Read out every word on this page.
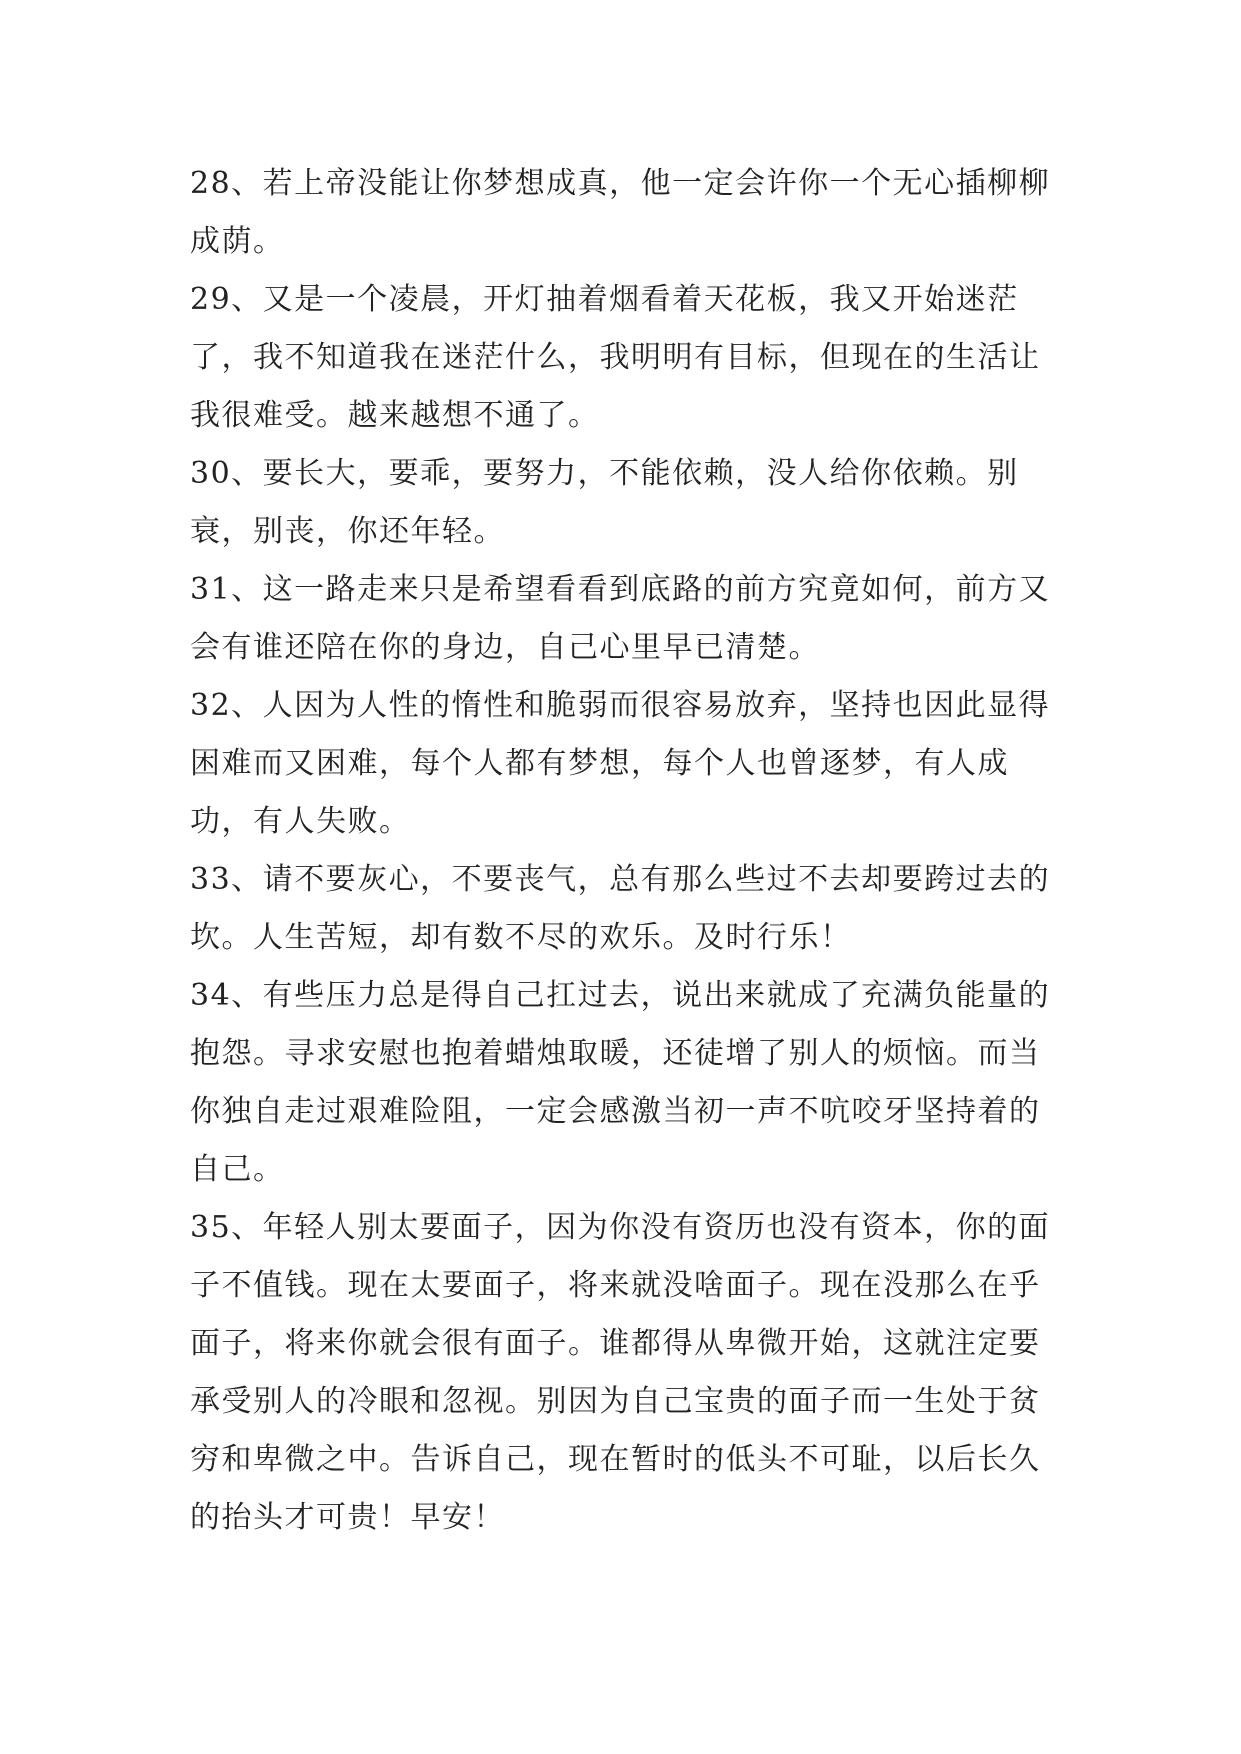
28、若上帝没能让你梦想成真，他一定会许你一个无心插柳柳成荫。

29、又是一个凌晨，开灯抽着烟看着天花板，我又开始迷茫了，我不知道我在迷茫什么，我明明有目标，但现在的生活让我很难受。越来越想不通了。

30、要长大，要乖，要努力，不能依赖，没人给你依赖。别衰，别丧，你还年轻。

31、这一路走来只是希望看看到底路的前方究竟如何，前方又会有谁还陪在你的身边，自己心里早已清楚。

32、人因为人性的惰性和脆弱而很容易放弃，坚持也因此显得困难而又困难，每个人都有梦想，每个人也曾逐梦，有人成功，有人失败。

33、请不要灰心，不要丧气，总有那么些过不去却要跨过去的坎。人生苦短，却有数不尽的欢乐。及时行乐！

34、有些压力总是得自己扛过去，说出来就成了充满负能量的抱怨。寻求安慰也抱着蜡烛取暖，还徒增了别人的烦恼。而当你独自走过艰难险阻，一定会感激当初一声不吭咬牙坚持着的自己。

35、年轻人别太要面子，因为你没有资历也没有资本，你的面子不值钱。现在太要面子，将来就没啥面子。现在没那么在乎面子，将来你就会很有面子。谁都得从卑微开始，这就注定要承受别人的冷眼和忽视。别因为自己宝贵的面子而一生处于贫穷和卑微之中。告诉自己，现在暂时的低头不可耻，以后长久的抬头才可贵！早安！
